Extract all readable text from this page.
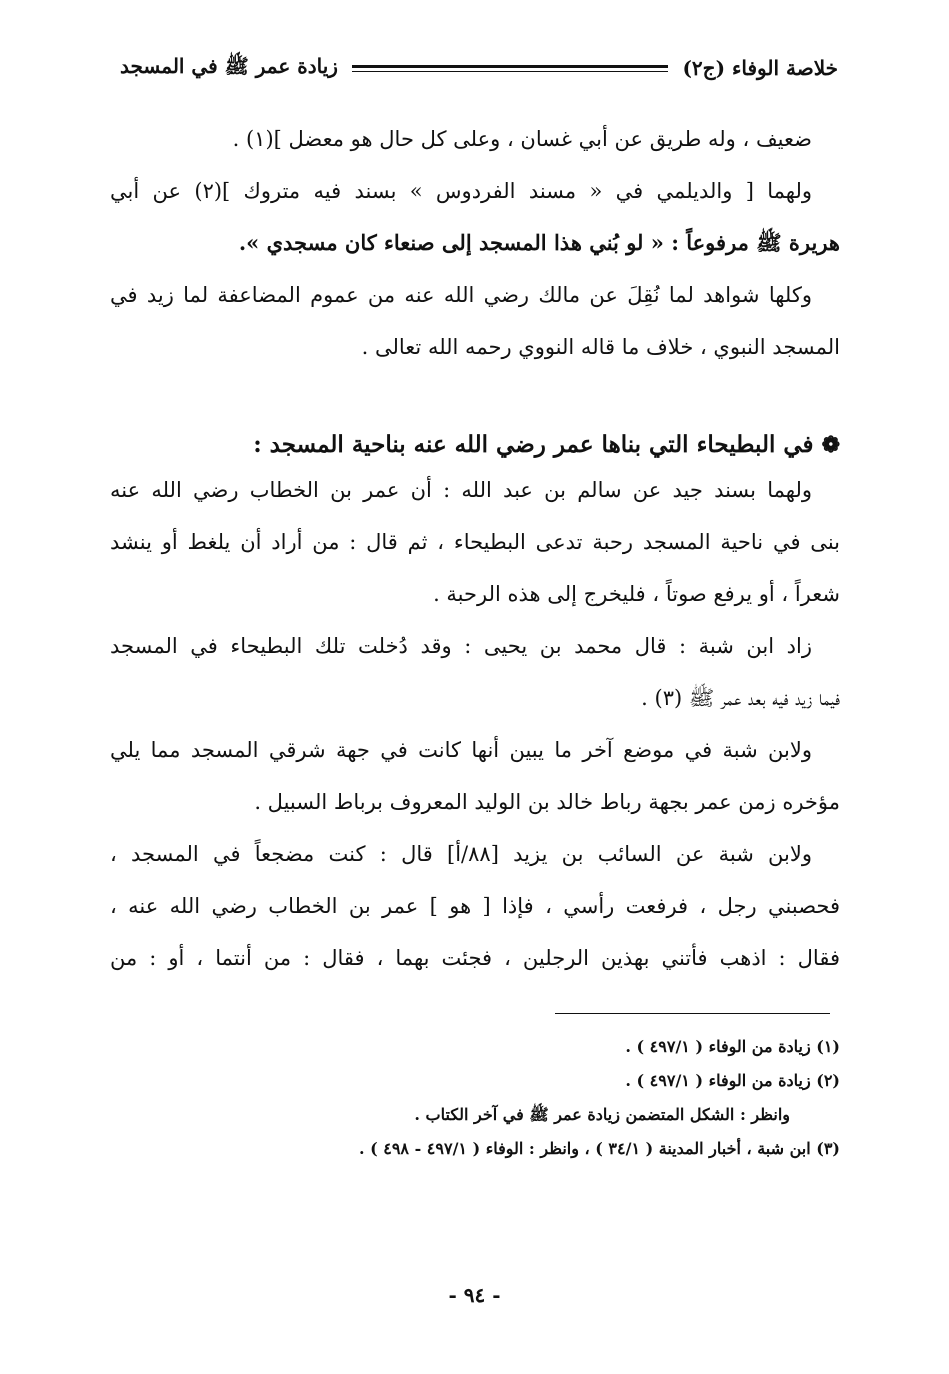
خلاصة الوفاء (ج٢)
زيادة عمر ﷺ في المسجد
ضعيف ، وله طريق عن أبي غسان ، وعلى كل حال هو معضل ](١) .
ولهما [ والديلمي في « مسند الفردوس » بسند فيه متروك ](٢) عن أبي
هريرة ﷺ مرفوعاً : « لو بُني هذا المسجد إلى صنعاء كان مسجدي ».
وكلها شواهد لما نُقِلَ عن مالك رضي الله عنه من عموم المضاعفة لما زيد في
المسجد النبوي ، خلاف ما قاله النووي رحمه الله تعالى .
❁في البطيحاء التي بناها عمر رضي الله عنه بناحية المسجد :
ولهما بسند جيد عن سالم بن عبد الله : أن عمر بن الخطاب رضي الله عنه
بنى في ناحية المسجد رحبة تدعى البطيحاء ، ثم قال : من أراد أن يلغط أو ينشد
شعراً ، أو يرفع صوتاً ، فليخرج إلى هذه الرحبة .
زاد ابن شبة : قال محمد بن يحيى : وقد دُخلت تلك البطيحاء في المسجد
فيما زيد فيه بعد عمر ﷺ (٣) .
ولابن شبة في موضع آخر ما يبين أنها كانت في جهة شرقي المسجد مما يلي
مؤخره زمن عمر بجهة رباط خالد بن الوليد المعروف برباط السبيل .
ولابن شبة عن السائب بن يزيد [٨٨/أ] قال : كنت مضجعاً في المسجد ،
فحصبني رجل ، فرفعت رأسي ، فإذا [ هو ] عمر بن الخطاب رضي الله عنه ،
فقال : اذهب فأتني بهذين الرجلين ، فجئت بهما ، فقال : من أنتما ، أو : من
(١) زيادة من الوفاء ( ٤٩٧/١ ) .
(٢) زيادة من الوفاء ( ٤٩٧/١ ) .
وانظر : الشكل المتضمن زيادة عمر ﷺ في آخر الكتاب .
(٣) ابن شبة ، أخبار المدينة ( ٣٤/١ ) ، وانظر : الوفاء ( ٤٩٧/١ - ٤٩٨ ) .
- ٩٤ -
